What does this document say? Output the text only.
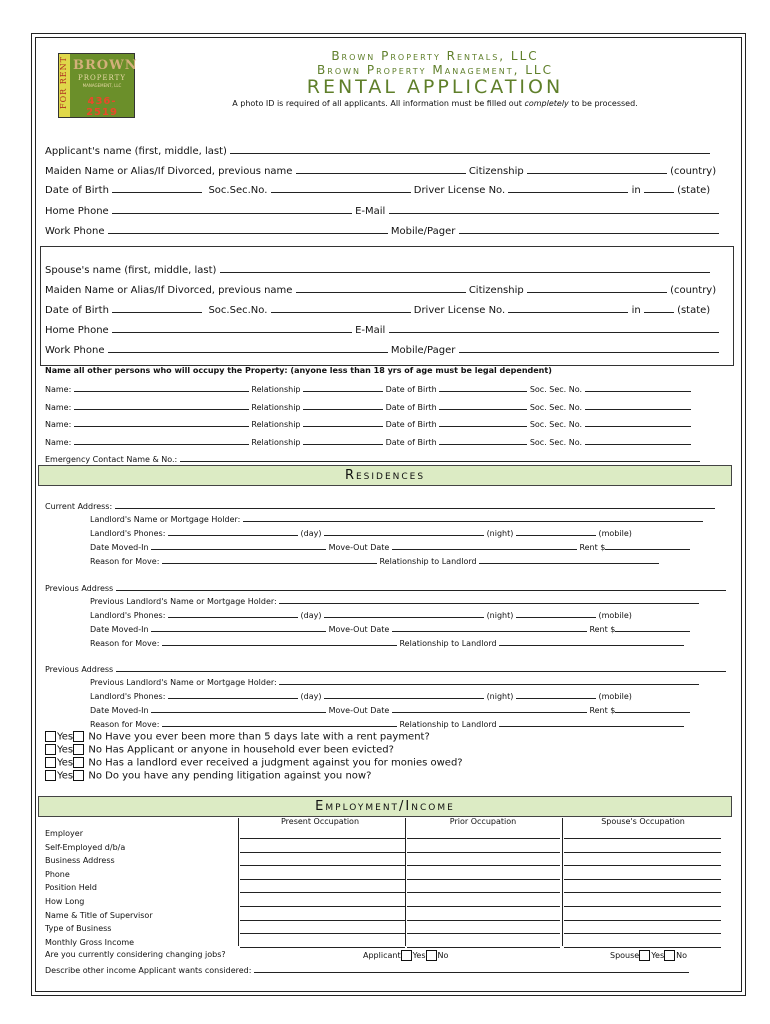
FOR RENT BROWN
PROPERTY
MANAGEMENT, LLC
436-2519
Brown Property Rentals, LLC
Brown Property Management, LLC
RENTAL APPLICATION
A photo ID is required of all applicants. All information must be filled out completely to be processed.
Applicant's name (first, middle, last)
Maiden Name or Alias/If Divorced, previous name	Citizenship	(country)
Date of Birth	Soc.Sec.No.	Driver License No.	in	(state)
Home Phone	E-Mail
Work Phone	Mobile/Pager
Spouse's name (first, middle, last)
Maiden Name or Alias/If Divorced, previous name	Citizenship	(country)
Date of Birth	Soc.Sec.No.	Driver License No.	in	(state)
Home Phone	E-Mail
Work Phone	Mobile/Pager
Name all other persons who will occupy the Property: (anyone less than 18 yrs of age must be legal dependent)
Name:	Relationship	Date of Birth	Soc. Sec. No.
Name:	Relationship	Date of Birth	Soc. Sec. No.
Name:	Relationship	Date of Birth	Soc. Sec. No.
Name:	Relationship	Date of Birth	Soc. Sec. No.
Emergency Contact Name & No.:
Residences
Current Address:
Landlord's Name or Mortgage Holder:
Landlord's Phones:	(day)	(night)	(mobile)
Date Moved-In	Move-Out Date	Rent $
Reason for Move:	Relationship to Landlord
Previous Address
Previous Landlord's Name or Mortgage Holder:
Landlord's Phones:	(day)	(night)	(mobile)
Date Moved-In	Move-Out Date	Rent $
Reason for Move:	Relationship to Landlord
Previous Address
Previous Landlord's Name or Mortgage Holder:
Landlord's Phones:	(day)	(night)	(mobile)
Date Moved-In	Move-Out Date	Rent $
Reason for Move:	Relationship to Landlord
Yes No Have you ever been more than 5 days late with a rent payment?
Yes No Has Applicant or anyone in household ever been evicted?
Yes No Has a landlord ever received a judgment against you for monies owed?
Yes No Do you have any pending litigation against you now?
Employment/Income
Present Occupation	Prior Occupation	Spouse's Occupation
Employer
Self-Employed d/b/a
Business Address
Phone
Position Held
How Long
Name & Title of Supervisor
Type of Business
Monthly Gross Income
Are you currently considering changing jobs?	Applicant Yes No	Spouse Yes No
Describe other income Applicant wants considered:
